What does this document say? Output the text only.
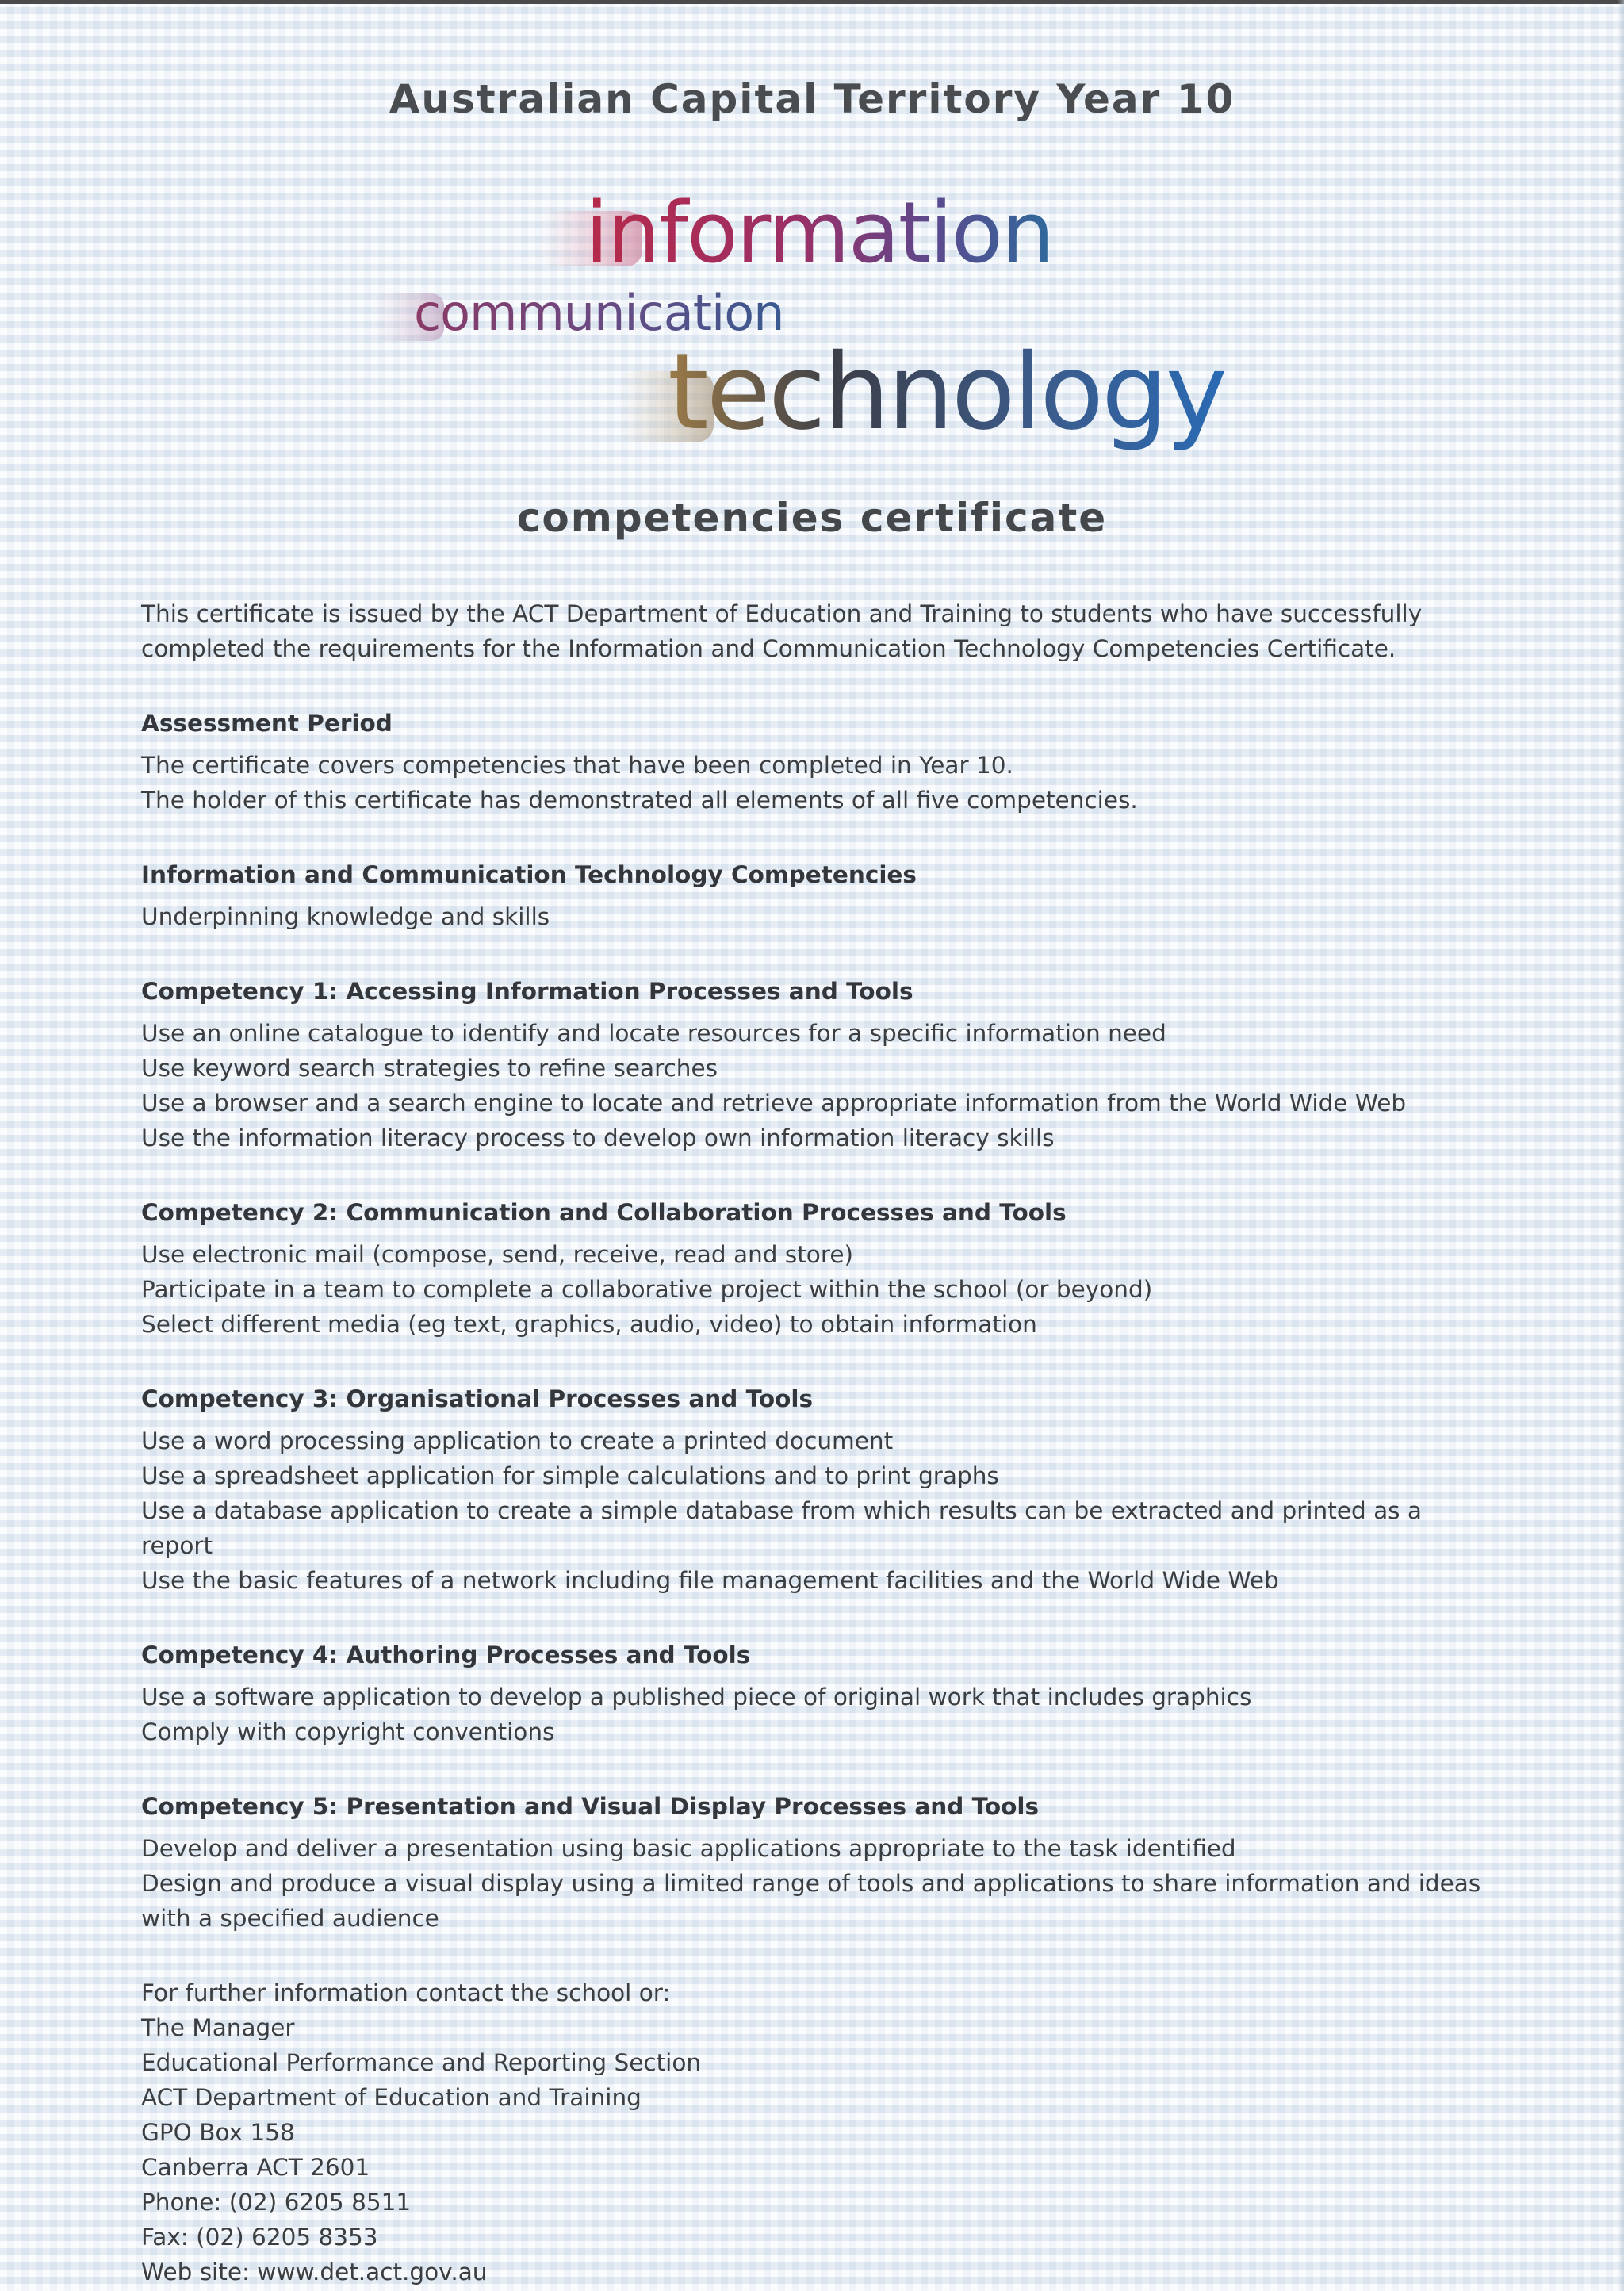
Australian Capital Territory Year 10
information
communication
technology
competencies certificate

This certificate is issued by the ACT Department of Education and Training to students who have successfully completed the requirements for the Information and Communication Technology Competencies Certificate.

Assessment Period
The certificate covers competencies that have been completed in Year 10.
The holder of this certificate has demonstrated all elements of all five competencies.
Information and Communication Technology Competencies
Underpinning knowledge and skills
Competency 1: Accessing Information Processes and Tools
Use an online catalogue to identify and locate resources for a specific information need
Use keyword search strategies to refine searches
Use a browser and a search engine to locate and retrieve appropriate information from the World Wide Web
Use the information literacy process to develop own information literacy skills
Competency 2: Communication and Collaboration Processes and Tools
Use electronic mail (compose, send, receive, read and store)
Participate in a team to complete a collaborative project within the school (or beyond)
Select different media (eg text, graphics, audio, video) to obtain information
Competency 3: Organisational Processes and Tools
Use a word processing application to create a printed document
Use a spreadsheet application for simple calculations and to print graphs
Use a database application to create a simple database from which results can be extracted and printed as a report
Use the basic features of a network including file management facilities and the World Wide Web
Competency 4: Authoring Processes and Tools
Use a software application to develop a published piece of original work that includes graphics
Comply with copyright conventions
Competency 5: Presentation and Visual Display Processes and Tools
Develop and deliver a presentation using basic applications appropriate to the task identified
Design and produce a visual display using a limited range of tools and applications to share information and ideas
with a specified audience
For further information contact the school or:
The Manager
Educational Performance and Reporting Section
ACT Department of Education and Training
GPO Box 158
Canberra ACT 2601
Phone: (02) 6205 8511
Fax: (02) 6205 8353
Web site: www.det.act.gov.au
